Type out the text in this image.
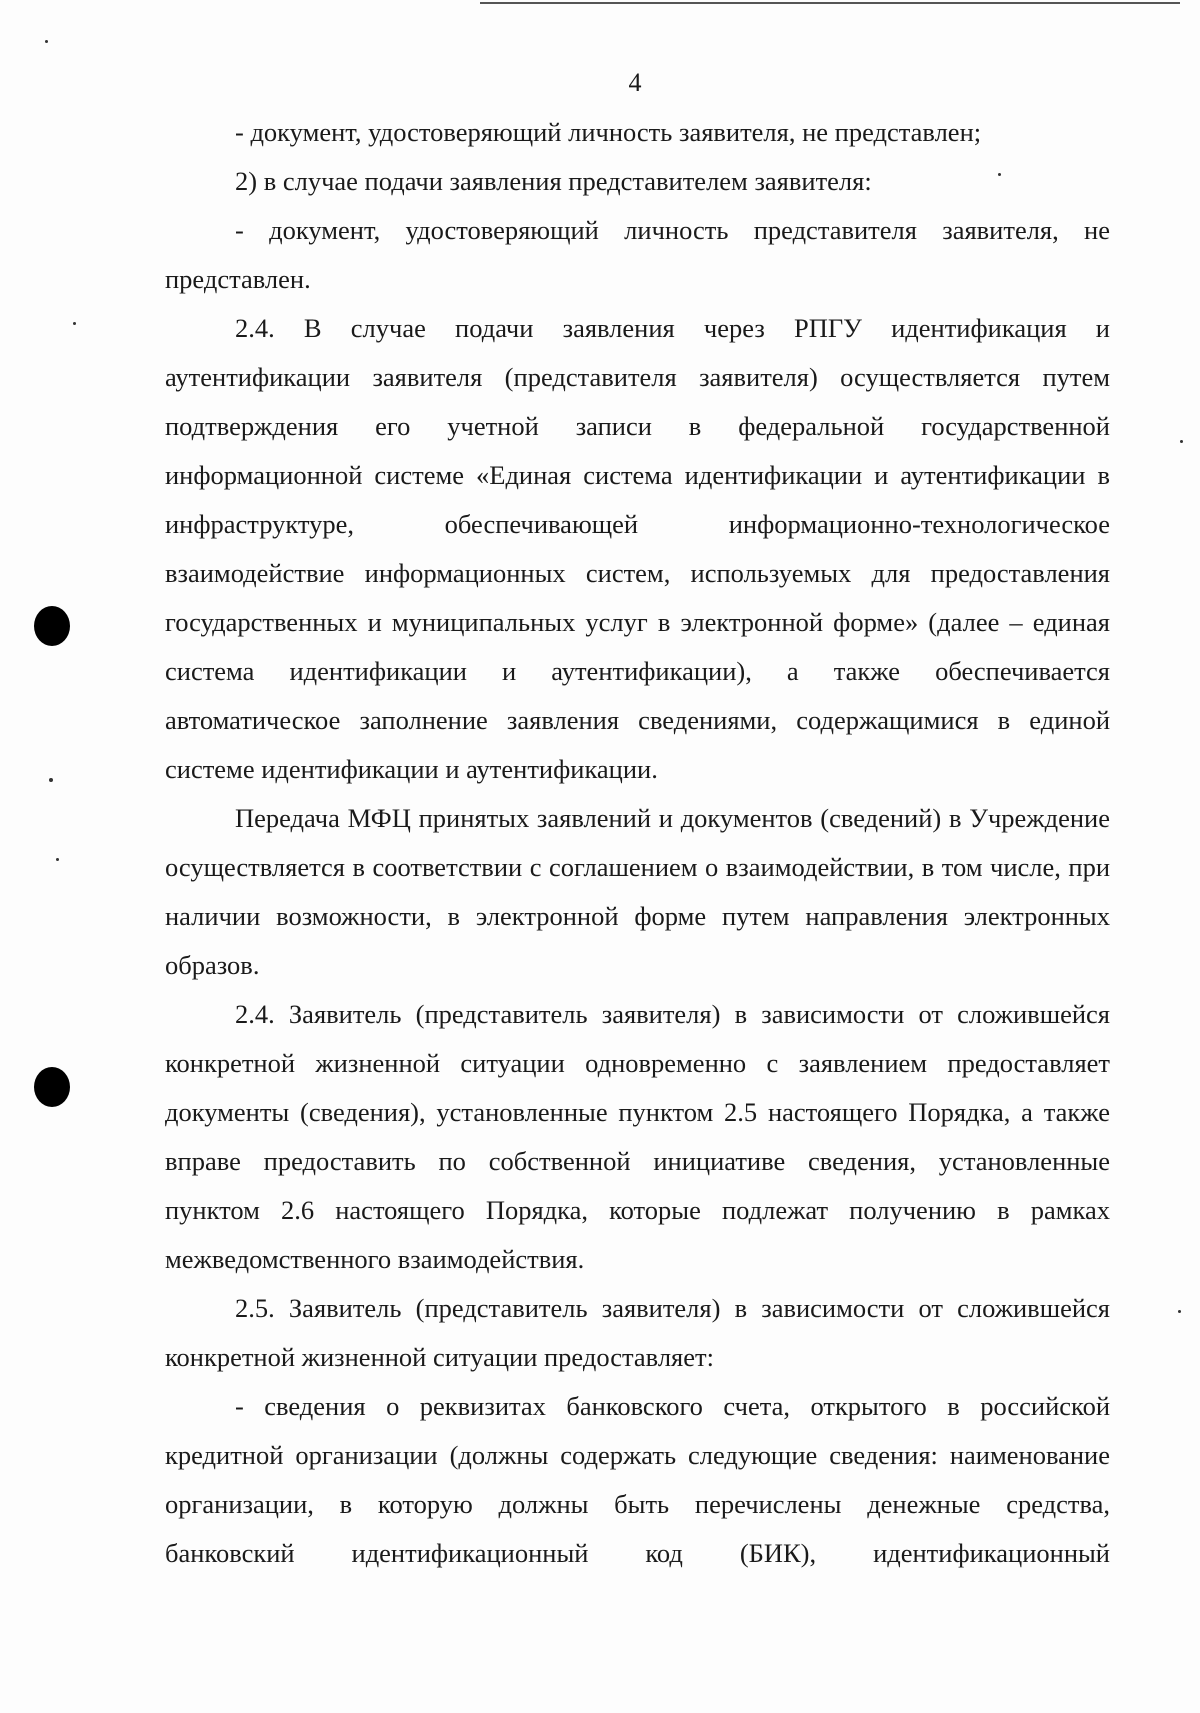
4

- документ, удостоверяющий личность заявителя, не представлен;

2) в случае подачи заявления представителем заявителя:

- документ, удостоверяющий личность представителя заявителя, не представлен.

2.4. В случае подачи заявления через РПГУ идентификация и аутентификации заявителя (представителя заявителя) осуществляется путем подтверждения его учетной записи в федеральной государственной информационной системе «Единая система идентификации и аутентификации в инфраструктуре, обеспечивающей информационно-технологическое взаимодействие информационных систем, используемых для предоставления государственных и муниципальных услуг в электронной форме» (далее – единая система идентификации и аутентификации), а также обеспечивается автоматическое заполнение заявления сведениями, содержащимися в единой системе идентификации и аутентификации.

Передача МФЦ принятых заявлений и документов (сведений) в Учреждение осуществляется в соответствии с соглашением о взаимодействии, в том числе, при наличии возможности, в электронной форме путем направления электронных образов.

2.4. Заявитель (представитель заявителя) в зависимости от сложившейся конкретной жизненной ситуации одновременно с заявлением предоставляет документы (сведения), установленные пунктом 2.5 настоящего Порядка, а также вправе предоставить по собственной инициативе сведения, установленные пунктом 2.6 настоящего Порядка, которые подлежат получению в рамках межведомственного взаимодействия.

2.5. Заявитель (представитель заявителя) в зависимости от сложившейся конкретной жизненной ситуации предоставляет:

- сведения о реквизитах банковского счета, открытого в российской кредитной организации (должны содержать следующие сведения: наименование организации, в которую должны быть перечислены денежные средства, банковский идентификационный код (БИК), идентификационный
